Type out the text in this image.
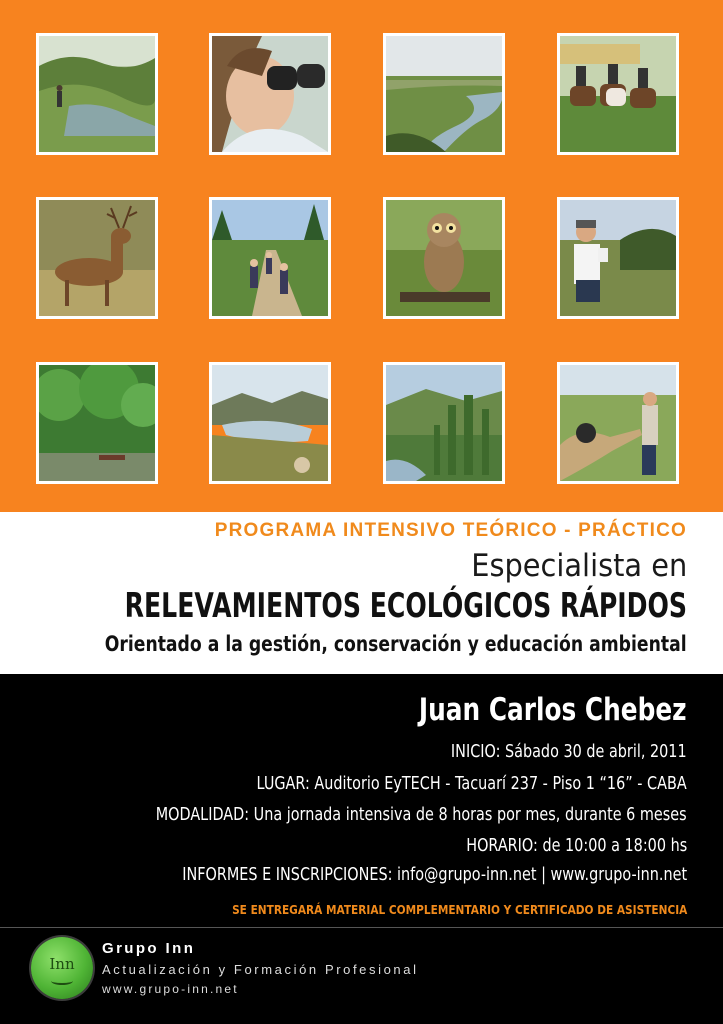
PROGRAMA INTENSIVO TEÓRICO - PRÁCTICO
Especialista en
RELEVAMIENTOS ECOLÓGICOS RÁPIDOS
Orientado a la gestión, conservación y educación ambiental
Juan Carlos Chebez
INICIO: Sábado 30 de abril, 2011
LUGAR: Auditorio EyTECH - Tacuarí 237 - Piso 1 “16” - CABA
MODALIDAD: Una jornada intensiva de 8 horas por mes, durante 6 meses
HORARIO: de 10:00 a 18:00 hs
INFORMES E INSCRIPCIONES: info@grupo-inn.net | www.grupo-inn.net
SE ENTREGARÁ MATERIAL COMPLEMENTARIO Y CERTIFICADO DE ASISTENCIA
Inn
Grupo Inn
Actualización y Formación Profesional
www.grupo-inn.net
